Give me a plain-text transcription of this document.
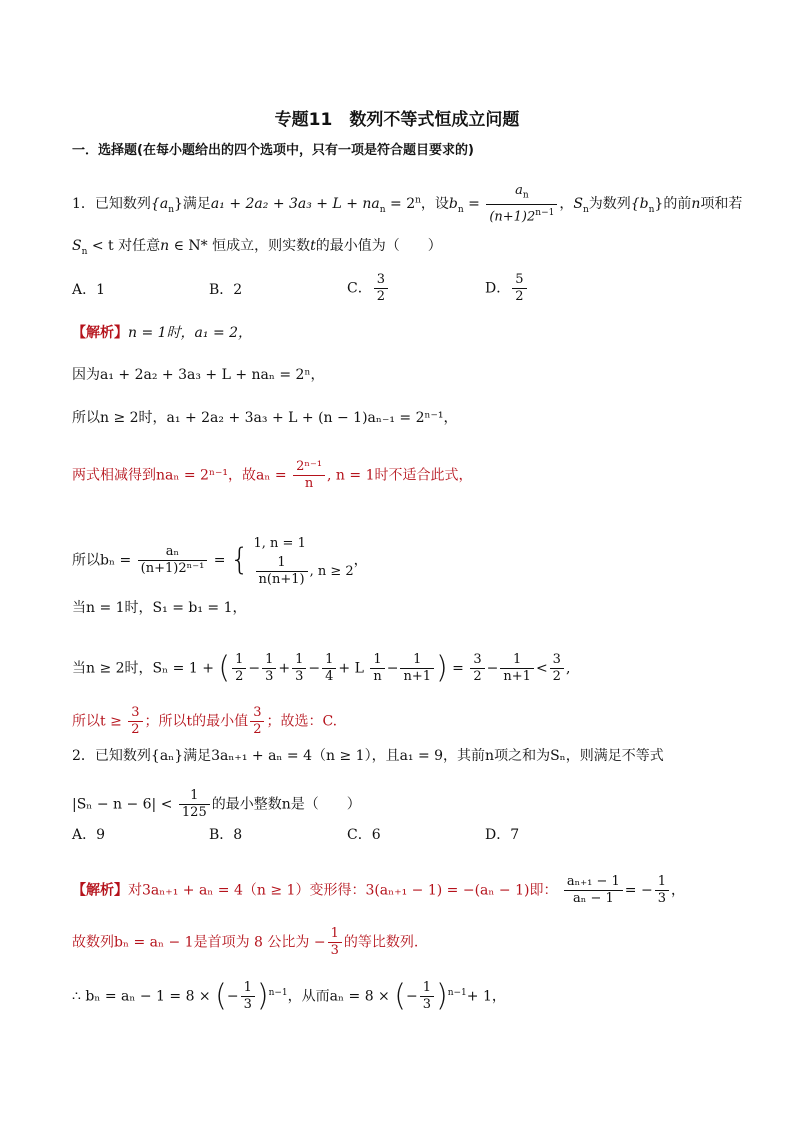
专题11　数列不等式恒成立问题
一．选择题(在每小题给出的四个选项中，只有一项是符合题目要求的)
1．已知数列$\{a_n\}$满足$a_1 + 2a_2 + 3a_3 + L + na_n = 2^n$，设$b_n = \frac{a_n}{(n+1)2^{n-1}}$ ，$S_n$为数列$\{b_n\}$的前n项和若
$S_n < t$ 对任意n ∈ N* 恒成立，则实数t的最小值为（　　）
A．1	B．2	C． $\frac{3}{2}$	D． $\frac{5}{2}$
【解析】n = 1时，a₁ = 2，
因为a₁ + 2a₂ + 3a₃ + L + naₙ = 2ⁿ，
所以n ≥ 2时，a₁ + 2a₂ + 3a₃ + L + (n − 1)aₙ₋₁ = 2ⁿ⁻¹，
两式相减得到naₙ = 2ⁿ⁻¹，故$a_n = \frac{\text{2ⁿ⁻¹}}{n}$ , n = 1时不适合此式，
所以$b_n = \frac{\text{aₙ}}{\text{(n+1)2ⁿ⁻¹}}$ = { 1, n = 1
$\frac{1}{n(n+1)}$ , n ≥ 2
，
当n = 1时，S₁ = b₁ = 1，
当n ≥ 2时，Sₙ = 1 + ( $\frac{1}{2} - \frac{1}{3} + \frac{1}{3} - \frac{1}{4} + L \frac{1}{n} - \frac{1}{n+1}$ ) = $\frac{3}{2} - \frac{1}{n+1} < \frac{3}{2}$ ,
所以$t \ge \frac{3}{2}$ ；所以t的最小值 $\frac{3}{2}$ ；故选：C.
2．已知数列{aₙ}满足3aₙ₊₁ + aₙ = 4（n ≥ 1），且a₁ = 9，其前n项之和为Sₙ，则满足不等式
$|S_n - n - 6| < \frac{1}{125}$ 的最小整数n是（　　）
A．9	B．8	C．6	D．7
【解析】对3aₙ₊₁ + aₙ = 4（n ≥ 1）变形得：3(aₙ₊₁ − 1) = −(aₙ − 1)即： $\frac{\text{aₙ₊₁ − 1}}{\text{aₙ − 1}}$ = − $\frac{1}{3}$ ，
故数列bₙ = aₙ − 1是首项为 8 公比为 − $\frac{1}{3}$ 的等比数列.
∴ bₙ = aₙ − 1 = 8 × (− $\frac{1}{3} )^{n-1}$，从而aₙ = 8 × (− $\frac{1}{3} )^{n-1}+ 1$，
